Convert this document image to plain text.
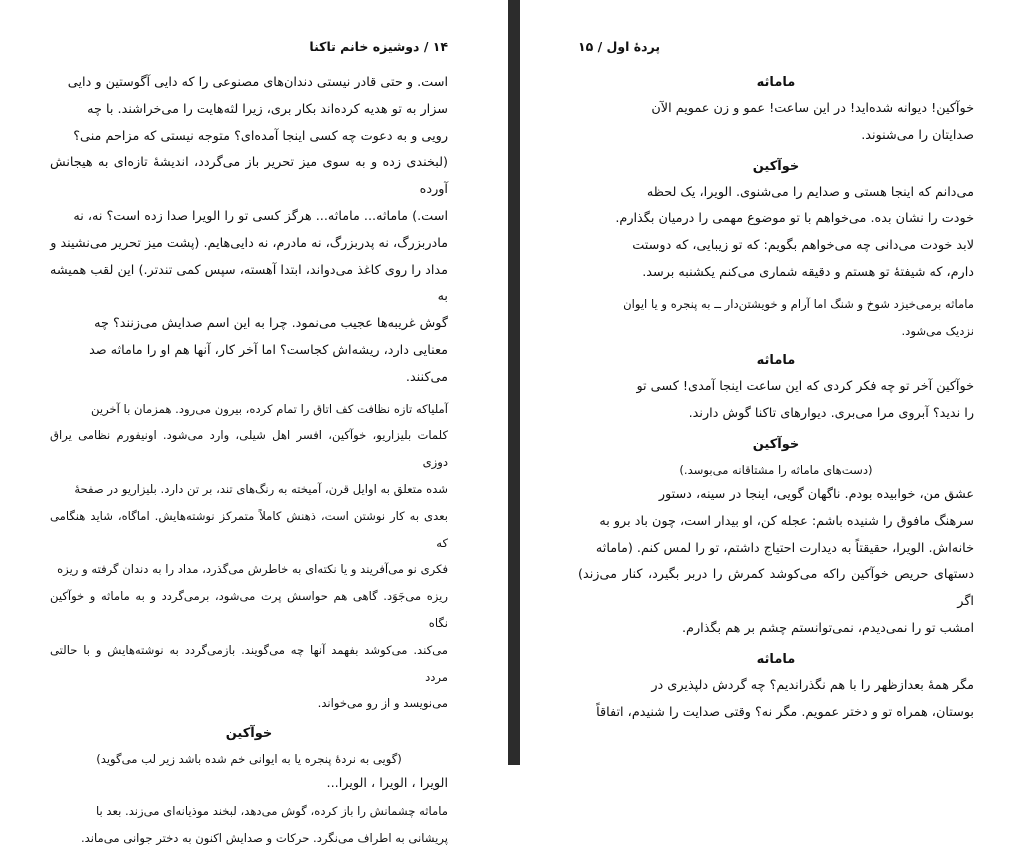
۱۴ / دوشیزه خانم تاکنا

است. و حتی قادر نیستی دندان‌های مصنوعی را که دایی آگوستین و دایی
سزار به تو هدیه کرده‌اند بکار بری، زیرا لثه‌هایت را می‌خراشند. با چه
رویی و به دعوت چه کسی اینجا آمده‌ای؟ متوجه نیستی که مزاحم منی؟
(لبخندی زده و به سوی میز تحریر باز می‌گردد، اندیشهٔ تازه‌ای به هیجانش آورده
است.) ماماثه... ماماثه... هرگز کسی تو را الویرا صدا زده است؟ نه، نه
مادربزرگ، نه پدربزرگ، نه مادرم، نه دایی‌هایم. (پشت میز تحریر می‌نشیند و
مداد را روی کاغذ می‌دواند، ابتدا آهسته، سپس کمی تندتر.) این لقب همیشه به
گوش غریبه‌ها عجیب می‌نمود. چرا به این اسم صدایش می‌زنند؟ چه
معنایی دارد، ریشه‌اش کجاست؟ اما آخر کار، آنها هم او را ماماثه صد
می‌کنند.

آملیاکه تازه نظافت کف اتاق را تمام کرده، بیرون می‌رود. همزمان با آخرین
کلمات بلیزاریو، خوآکین، افسر اهل شیلی، وارد می‌شود. اونیفورم نظامی یراق دوزی
شده متعلق به اوایل قرن، آمیخته به رنگ‌های تند، بر تن دارد. بلیزاریو در صفحهٔ
بعدی به کار نوشتن است، ذهنش کاملاً متمرکز نوشته‌هایش. اماگاه، شاید هنگامی که
فکری نو می‌آفریند و یا نکته‌ای به خاطرش می‌گذرد، مداد را به دندان گرفته و ریزه
ریزه می‌جَوَد. گاهی هم حواسش پرت می‌شود، برمی‌گردد و به ماماثه و خوآکین نگاه
می‌کند. می‌کوشد بفهمد آنها چه می‌گویند. بازمی‌گردد به نوشته‌هایش و با حالتی مردد
می‌نویسد و از رو می‌خواند.

خوآکین
(گویی به نردهٔ پنجره یا به ایوانی خم شده باشد زیر لب می‌گوید)
الویرا ، الویرا ، الویرا...

ماماثه چشمانش را باز کرده، گوش می‌دهد، لبخند موذیانه‌ای می‌زند. بعد با
پریشانی به اطراف می‌نگرد. حرکات و صدایش اکنون به دختر جوانی می‌ماند.

پردهٔ اول / ۱۵
ماماثه

خوآکین! دیوانه شده‌اید! در این ساعت! عمو و زن عمویم الآن
صدایتان را می‌شنوند.

خوآکین

می‌دانم که اینجا هستی و صدایم را می‌شنوی. الویرا، یک لحظه
خودت را نشان بده. می‌خواهم با تو موضوع مهمی را درمیان بگذارم.
لابد خودت می‌دانی چه می‌خواهم بگویم: که تو زیبایی، که دوستت
دارم، که شیفتهٔ تو هستم و دقیقه شماری می‌کنم یکشنبه برسد.

ماماثه برمی‌خیزد شوخ و شنگ اما آرام و خویشتن‌دار ــ به پنجره و یا ایوان
نزدیک می‌شود.

ماماثه

خوآکین آخر تو چه فکر کردی که این ساعت اینجا آمدی! کسی تو
را ندید؟ آبروی مرا می‌بری. دیوارهای تاکنا گوش دارند.

خوآکین
(دست‌های ماماثه را مشتاقانه می‌بوسد.)

عشق من، خوابیده بودم. ناگهان گویی، اینجا در سینه، دستور
سرهنگ مافوق را شنیده باشم: عجله کن، او بیدار است، چون باد برو به
خانه‌اش. الویرا، حقیقتاً به دیدارت احتیاج داشتم، تو را لمس کنم. (ماماثه
دستهای حریص خوآکین راکه می‌کوشد کمرش را دربر بگیرد، کنار می‌زند) اگر
امشب تو را نمی‌دیدم، نمی‌توانستم چشم بر هم بگذارم.

ماماثه

مگر همهٔ بعدازظهر را با هم نگذراندیم؟ چه گردش دلپذیری در
بوستان، همراه تو و دختر عمویم. مگر نه؟ وقتی صدایت را شنیدم، اتفاقاً
